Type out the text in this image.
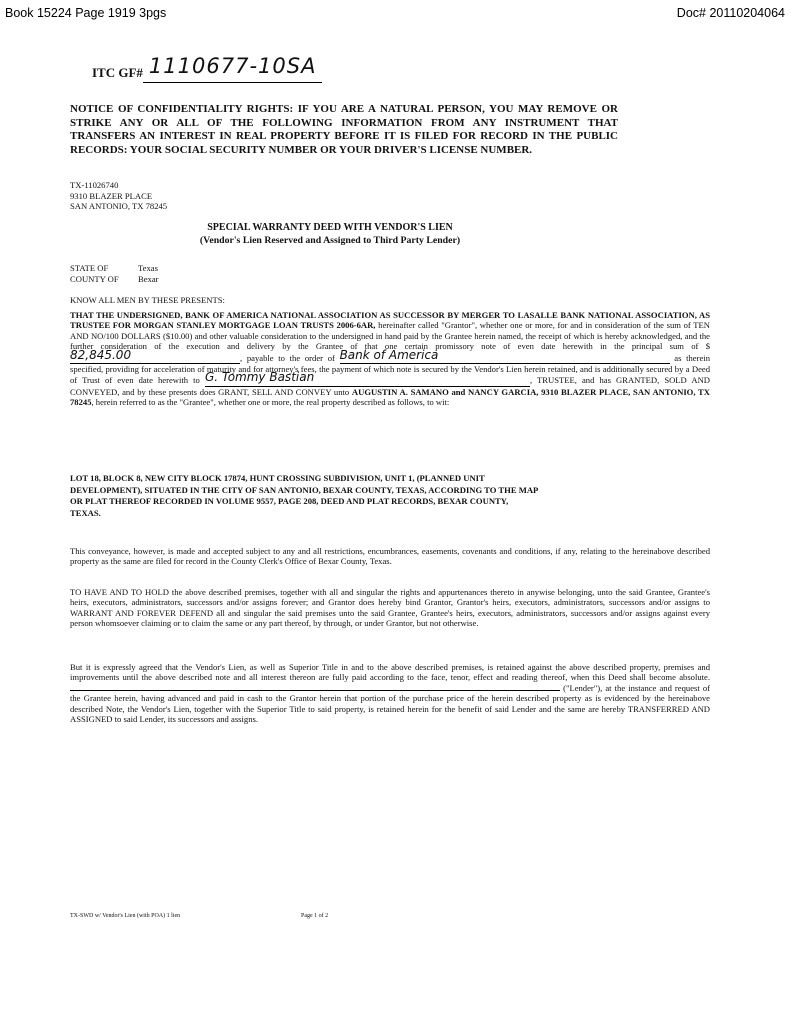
Book 15224 Page 1919 3pgs	Doc# 20110204064
ITC GF# 1110677-10SA
NOTICE OF CONFIDENTIALITY RIGHTS: IF YOU ARE A NATURAL PERSON, YOU MAY REMOVE OR STRIKE ANY OR ALL OF THE FOLLOWING INFORMATION FROM ANY INSTRUMENT THAT TRANSFERS AN INTEREST IN REAL PROPERTY BEFORE IT IS FILED FOR RECORD IN THE PUBLIC RECORDS: YOUR SOCIAL SECURITY NUMBER OR YOUR DRIVER'S LICENSE NUMBER.
TX-11026740
9310 BLAZER PLACE
SAN ANTONIO, TX 78245
SPECIAL WARRANTY DEED WITH VENDOR'S LIEN
(Vendor's Lien Reserved and Assigned to Third Party Lender)
STATE OF	Texas
COUNTY OF Bexar
KNOW ALL MEN BY THESE PRESENTS:
THAT THE UNDERSIGNED, BANK OF AMERICA NATIONAL ASSOCIATION AS SUCCESSOR BY MERGER TO LASALLE BANK NATIONAL ASSOCIATION, AS TRUSTEE FOR MORGAN STANLEY MORTGAGE LOAN TRUSTS 2006-6AR, hereinafter called "Grantor", whether one or more, for and in consideration of the sum of TEN AND NO/100 DOLLARS ($10.00) and other valuable consideration to the undersigned in hand paid by the Grantee herein named, the receipt of which is hereby acknowledged, and the further consideration of the execution and delivery by the Grantee of that one certain promissory note of even date herewith in the principal sum of $82,845.00	, payable to the order of Bank of America	as therein specified, providing for acceleration of maturity and for attorney's fees, the payment of which note is secured by the Vendor's Lien herein retained, and is additionally secured by a Deed of Trust of even date herewith to G. Tommy Bastian	, TRUSTEE, and has GRANTED, SOLD AND CONVEYED, and by these presents does GRANT, SELL AND CONVEY unto AUGUSTIN A. SAMANO and NANCY GARCIA, 9310 BLAZER PLACE, SAN ANTONIO, TX 78245, herein referred to as the "Grantee", whether one or more, the real property described as follows, to wit:
LOT 18, BLOCK 8, NEW CITY BLOCK 17874, HUNT CROSSING SUBDIVISION, UNIT 1, (PLANNED UNIT DEVELOPMENT), SITUATED IN THE CITY OF SAN ANTONIO, BEXAR COUNTY, TEXAS, ACCORDING TO THE MAP OR PLAT THEREOF RECORDED IN VOLUME 9557, PAGE 208, DEED AND PLAT RECORDS, BEXAR COUNTY, TEXAS.
This conveyance, however, is made and accepted subject to any and all restrictions, encumbrances, easements, covenants and conditions, if any, relating to the hereinabove described property as the same are filed for record in the County Clerk's Office of Bexar County, Texas.
TO HAVE AND TO HOLD the above described premises, together with all and singular the rights and appurtenances thereto in anywise belonging, unto the said Grantee, Grantee's heirs, executors, administrators, successors and/or assigns forever; and Grantor does hereby bind Grantor, Grantor's heirs, executors, administrators, successors and/or assigns to WARRANT AND FOREVER DEFEND all and singular the said premises unto the said Grantee, Grantee's heirs, executors, administrators, successors and/or assigns against every person whomsoever claiming or to claim the same or any part thereof, by through, or under Grantor, but not otherwise.
But it is expressly agreed that the Vendor's Lien, as well as Superior Title in and to the above described premises, is retained against the above described property, premises and improvements until the above described note and all interest thereon are fully paid according to the face, tenor, effect and reading thereof, when this Deed shall become absolute.  ("Lender"), at the instance and request of the Grantee herein, having advanced and paid in cash to the Grantor herein that portion of the purchase price of the herein described property as is evidenced by the hereinabove described Note, the Vendor's Lien, together with the Superior Title to said property, is retained herein for the benefit of said Lender and the same are hereby TRANSFERRED AND ASSIGNED to said Lender, its successors and assigns.
TX-SWD w/ Vendor's Lien (with POA) 1 lien	Page 1 of 2
